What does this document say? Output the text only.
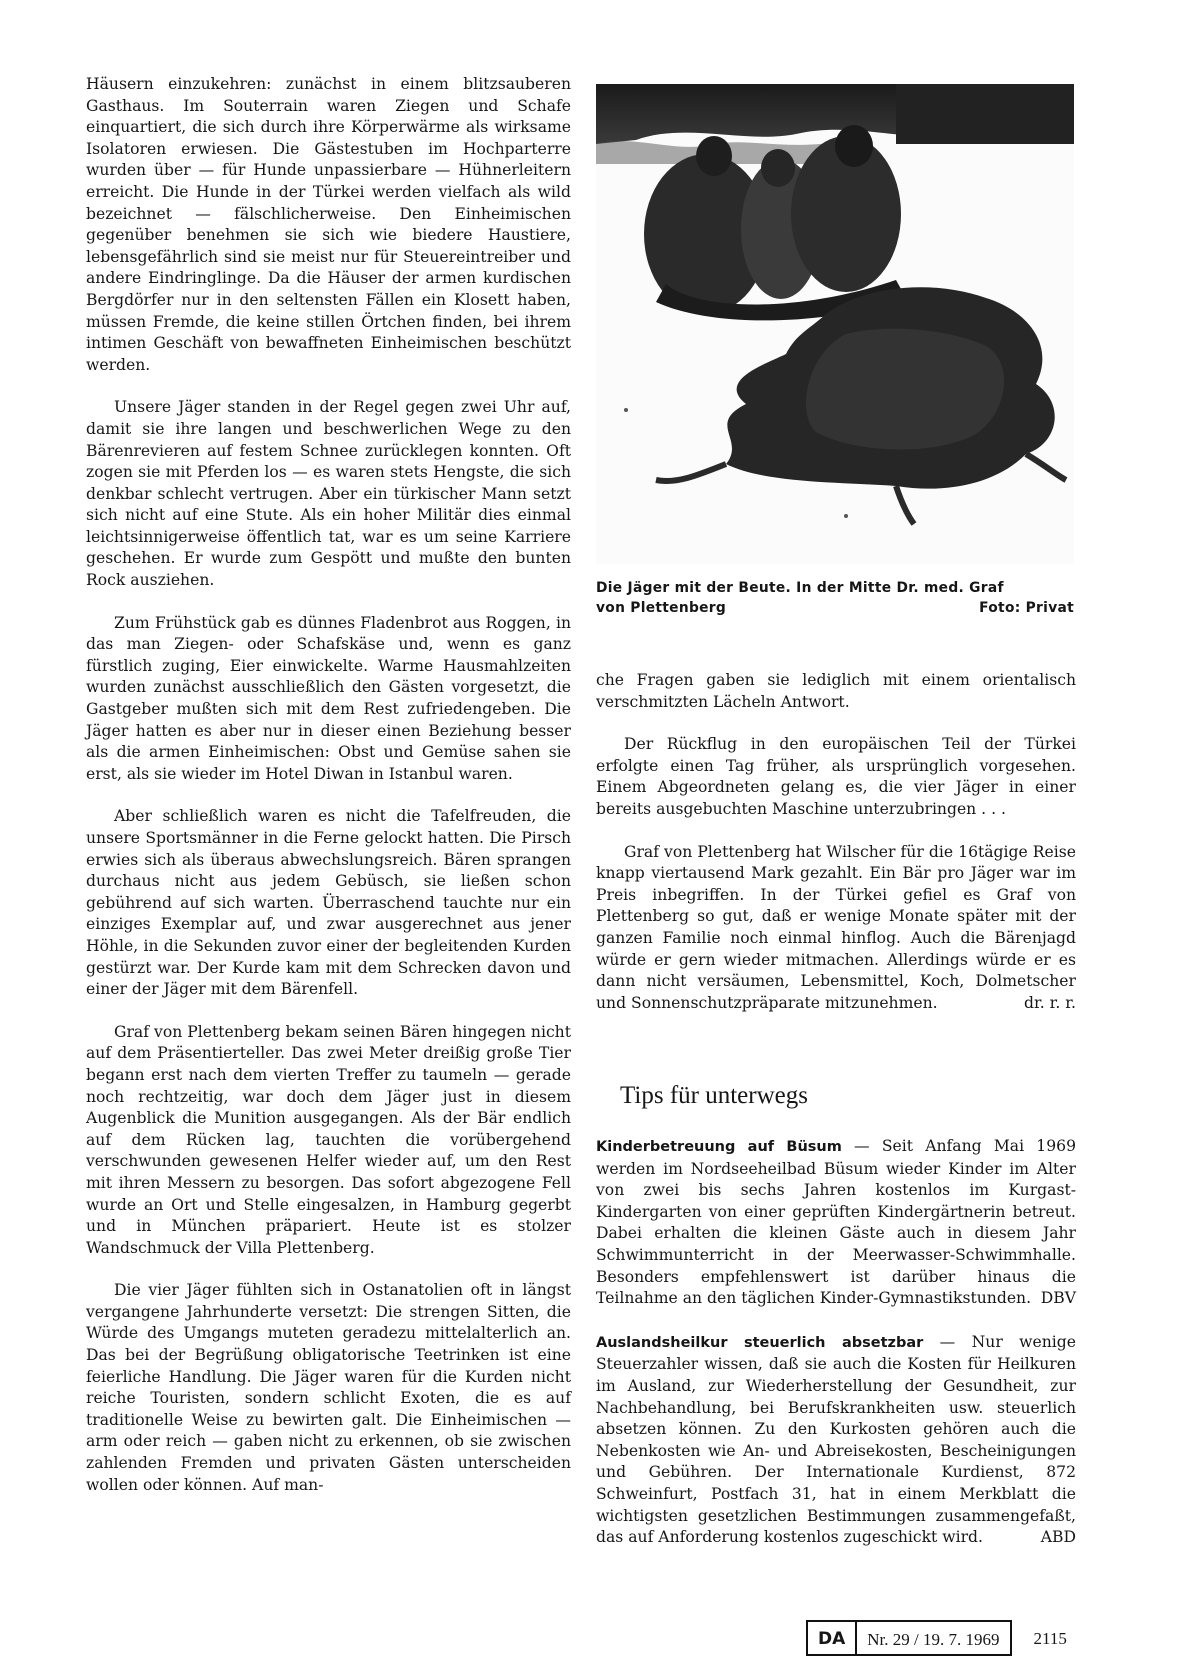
Häusern einzukehren: zunächst in einem blitzsauberen Gasthaus. Im Souterrain waren Ziegen und Schafe einquartiert, die sich durch ihre Körperwärme als wirksame Isolatoren erwiesen. Die Gästestuben im Hochparterre wurden über — für Hunde unpassierbare — Hühnerleitern erreicht. Die Hunde in der Türkei werden vielfach als wild bezeichnet — fälschlicherweise. Den Einheimischen gegenüber benehmen sie sich wie biedere Haustiere, lebensgefährlich sind sie meist nur für Steuereintreiber und andere Eindringlinge. Da die Häuser der armen kurdischen Bergdörfer nur in den seltensten Fällen ein Klosett haben, müssen Fremde, die keine stillen Örtchen finden, bei ihrem intimen Geschäft von bewaffneten Einheimischen beschützt werden.

Unsere Jäger standen in der Regel gegen zwei Uhr auf, damit sie ihre langen und beschwerlichen Wege zu den Bärenrevieren auf festem Schnee zurücklegen konnten. Oft zogen sie mit Pferden los — es waren stets Hengste, die sich denkbar schlecht vertrugen. Aber ein türkischer Mann setzt sich nicht auf eine Stute. Als ein hoher Militär dies einmal leichtsinnigerweise öffentlich tat, war es um seine Karriere geschehen. Er wurde zum Gespött und mußte den bunten Rock ausziehen.

Zum Frühstück gab es dünnes Fladenbrot aus Roggen, in das man Ziegen- oder Schafskäse und, wenn es ganz fürstlich zuging, Eier einwickelte. Warme Hausmahlzeiten wurden zunächst ausschließlich den Gästen vorgesetzt, die Gastgeber mußten sich mit dem Rest zufriedengeben. Die Jäger hatten es aber nur in dieser einen Beziehung besser als die armen Einheimischen: Obst und Gemüse sahen sie erst, als sie wieder im Hotel Diwan in Istanbul waren.

Aber schließlich waren es nicht die Tafelfreuden, die unsere Sportsmänner in die Ferne gelockt hatten. Die Pirsch erwies sich als überaus abwechslungsreich. Bären sprangen durchaus nicht aus jedem Gebüsch, sie ließen schon gebührend auf sich warten. Überraschend tauchte nur ein einziges Exemplar auf, und zwar ausgerechnet aus jener Höhle, in die Sekunden zuvor einer der begleitenden Kurden gestürzt war. Der Kurde kam mit dem Schrecken davon und einer der Jäger mit dem Bärenfell.

Graf von Plettenberg bekam seinen Bären hingegen nicht auf dem Präsentierteller. Das zwei Meter dreißig große Tier begann erst nach dem vierten Treffer zu taumeln — gerade noch rechtzeitig, war doch dem Jäger just in diesem Augenblick die Munition ausgegangen. Als der Bär endlich auf dem Rücken lag, tauchten die vorübergehend verschwunden gewesenen Helfer wieder auf, um den Rest mit ihren Messern zu besorgen. Das sofort abgezogene Fell wurde an Ort und Stelle eingesalzen, in Hamburg gegerbt und in München präpariert. Heute ist es stolzer Wandschmuck der Villa Plettenberg.

Die vier Jäger fühlten sich in Ostanatolien oft in längst vergangene Jahrhunderte versetzt: Die strengen Sitten, die Würde des Umgangs muteten geradezu mittelalterlich an. Das bei der Begrüßung obligatorische Teetrinken ist eine feierliche Handlung. Die Jäger waren für die Kurden nicht reiche Touristen, sondern schlicht Exoten, die es auf traditionelle Weise zu bewirten galt. Die Einheimischen — arm oder reich — gaben nicht zu erkennen, ob sie zwischen zahlenden Fremden und privaten Gästen unterscheiden wollen oder können. Auf man-

Die Jäger mit der Beute. In der Mitte Dr. med. Graf
von Plettenberg	Foto: Privat

che Fragen gaben sie lediglich mit einem orientalisch verschmitzten Lächeln Antwort.

Der Rückflug in den europäischen Teil der Türkei erfolgte einen Tag früher, als ursprünglich vorgesehen. Einem Abgeordneten gelang es, die vier Jäger in einer bereits ausgebuchten Maschine unterzubringen . . .

Graf von Plettenberg hat Wilscher für die 16tägige Reise knapp viertausend Mark gezahlt. Ein Bär pro Jäger war im Preis inbegriffen. In der Türkei gefiel es Graf von Plettenberg so gut, daß er wenige Monate später mit der ganzen Familie noch einmal hinflog. Auch die Bärenjagd würde er gern wieder mitmachen. Allerdings würde er es dann nicht versäumen, Lebensmittel, Koch, Dolmetscher und Sonnenschutzpräparate mitzunehmen.	dr. r. r.
Tips für unterwegs

Kinderbetreuung auf Büsum — Seit Anfang Mai 1969 werden im Nordseeheilbad Büsum wieder Kinder im Alter von zwei bis sechs Jahren kostenlos im Kurgast-Kindergarten von einer geprüften Kindergärtnerin betreut. Dabei erhalten die kleinen Gäste auch in diesem Jahr Schwimmunterricht in der Meerwasser-Schwimmhalle. Besonders empfehlenswert ist darüber hinaus die Teilnahme an den täglichen Kinder-Gymnastikstunden. DBV

Auslandsheilkur steuerlich absetzbar — Nur wenige Steuerzahler wissen, daß sie auch die Kosten für Heilkuren im Ausland, zur Wiederherstellung der Gesundheit, zur Nachbehandlung, bei Berufskrankheiten usw. steuerlich absetzen können. Zu den Kurkosten gehören auch die Nebenkosten wie An- und Abreisekosten, Bescheinigungen und Gebühren. Der Internationale Kurdienst, 872 Schweinfurt, Postfach 31, hat in einem Merkblatt die wichtigsten gesetzlichen Bestimmungen zusammengefaßt, das auf Anforderung kostenlos zugeschickt wird.	ABD

DA	Nr. 29 / 19. 7. 1969	2115
